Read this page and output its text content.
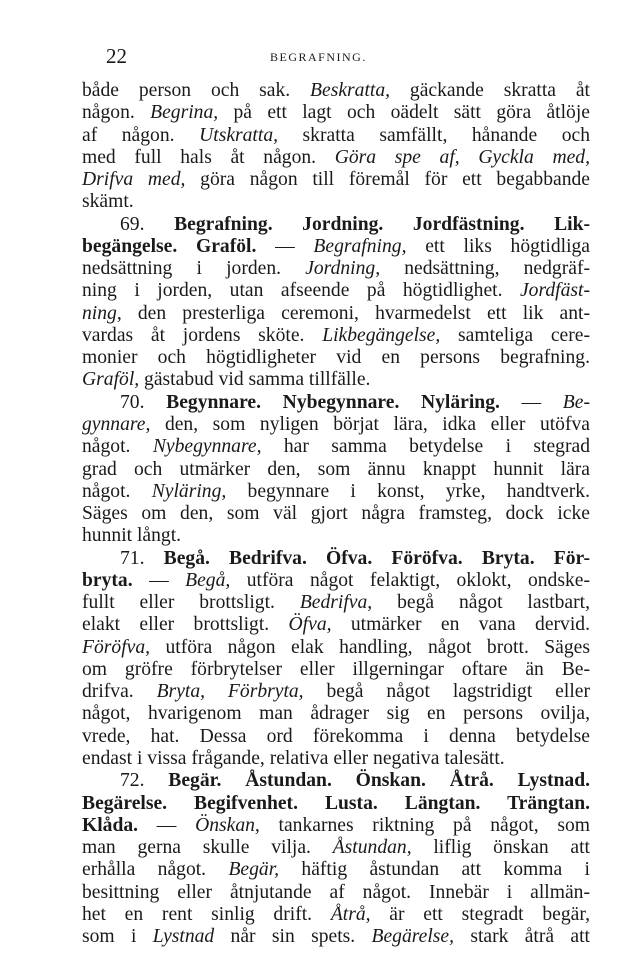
22	BEGRAFNING.
både person och sak. Beskratta, gäckande skratta åt
någon. Begrina, på ett lagt och oädelt sätt göra åtlöje
af någon. Utskratta, skratta samfällt, hånande och
med full hals åt någon. Göra spe af, Gyckla med,
Drifva med, göra någon till föremål för ett begabbande
skämt.
69. Begrafning. Jordning. Jordfästning. Lik-
begängelse. Graföl. — Begrafning, ett liks högtidliga
nedsättning i jorden. Jordning, nedsättning, nedgräf-
ning i jorden, utan afseende på högtidlighet. Jordfäst-
ning, den presterliga ceremoni, hvarmedelst ett lik ant-
vardas åt jordens sköte. Likbegängelse, samteliga cere-
monier och högtidligheter vid en persons begrafning.
Graföl, gästabud vid samma tillfälle.
70. Begynnare. Nybegynnare. Nyläring. — Be-
gynnare, den, som nyligen börjat lära, idka eller utöfva
något. Nybegynnare, har samma betydelse i stegrad
grad och utmärker den, som ännu knappt hunnit lära
något. Nyläring, begynnare i konst, yrke, handtverk.
Säges om den, som väl gjort några framsteg, dock icke
hunnit långt.
71. Begå. Bedrifva. Öfva. Föröfva. Bryta. För-
bryta. — Begå, utföra något felaktigt, oklokt, ondske-
fullt eller brottsligt. Bedrifva, begå något lastbart,
elakt eller brottsligt. Öfva, utmärker en vana dervid.
Föröfva, utföra någon elak handling, något brott. Säges
om gröfre förbrytelser eller illgerningar oftare än Be-
drifva. Bryta, Förbryta, begå något lagstridigt eller
något, hvarigenom man ådrager sig en persons ovilja,
vrede, hat. Dessa ord förekomma i denna betydelse
endast i vissa frågande, relativa eller negativa talesätt.
72. Begär. Åstundan. Önskan. Åtrå. Lystnad.
Begärelse. Begifvenhet. Lusta. Längtan. Trängtan.
Klåda. — Önskan, tankarnes riktning på något, som
man gerna skulle vilja. Åstundan, liflig önskan att
erhålla något. Begär, häftig åstundan att komma i
besittning eller åtnjutande af något. Innebär i allmän-
het en rent sinlig drift. Åtrå, är ett stegradt begär,
som i Lystnad når sin spets. Begärelse, stark åtrå att
